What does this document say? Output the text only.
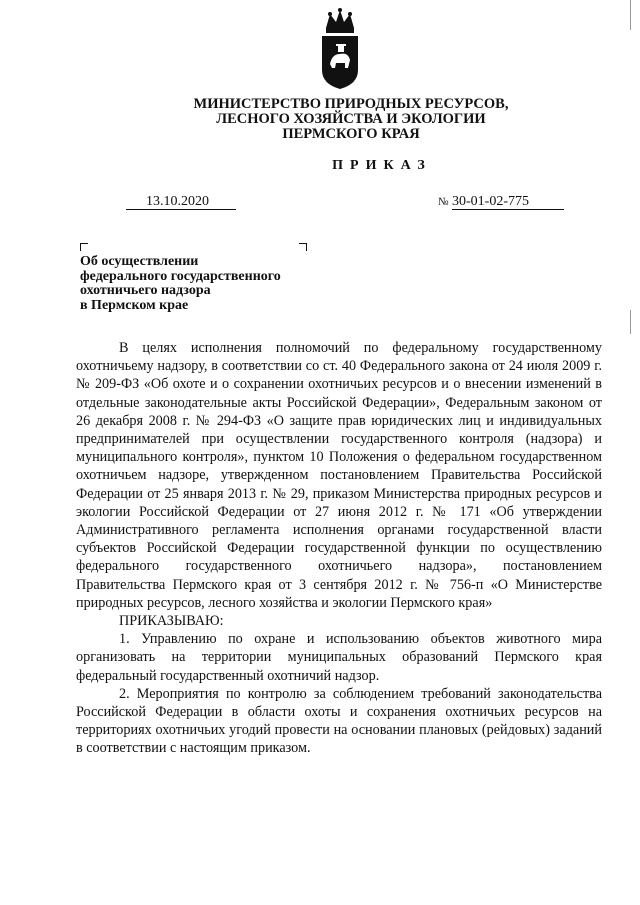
МИНИСТЕРСТВО ПРИРОДНЫХ РЕСУРСОВ,
ЛЕСНОГО ХОЗЯЙСТВА И ЭКОЛОГИИ
ПЕРМСКОГО КРАЯ
ПРИКАЗ
13.10.2020	№ 30-01-02-775
Об осуществлении
федерального государственного
охотничьего надзора
в Пермском крае

В целях исполнения полномочий по федеральному государственному охотничьему надзору, в соответствии со ст. 40 Федерального закона от 24 июля 2009 г. № 209-ФЗ «Об охоте и о сохранении охотничьих ресурсов и о внесении изменений в отдельные законодательные акты Российской Федерации», Федеральным законом от 26 декабря 2008 г. № 294-ФЗ «О защите прав юридических лиц и индивидуальных предпринимателей при осуществлении государственного контроля (надзора) и муниципального контроля», пунктом 10 Положения о федеральном государственном охотничьем надзоре, утвержденном постановлением Правительства Российской Федерации от 25 января 2013 г. № 29, приказом Министерства природных ресурсов и экологии Российской Федерации от 27 июня 2012 г. № 171 «Об утверждении Административного регламента исполнения органами государственной власти субъектов Российской Федерации государственной функции по осуществлению федерального государственного охотничьего надзора», постановлением Правительства Пермского края от 3 сентября 2012 г. № 756-п «О Министерстве природных ресурсов, лесного хозяйства и экологии Пермского края»

ПРИКАЗЫВАЮ:

1. Управлению по охране и использованию объектов животного мира организовать на территории муниципальных образований Пермского края федеральный государственный охотничий надзор.

2. Мероприятия по контролю за соблюдением требований законодательства Российской Федерации в области охоты и сохранения охотничьих ресурсов на территориях охотничьих угодий провести на основании плановых (рейдовых) заданий в соответствии с настоящим приказом.
